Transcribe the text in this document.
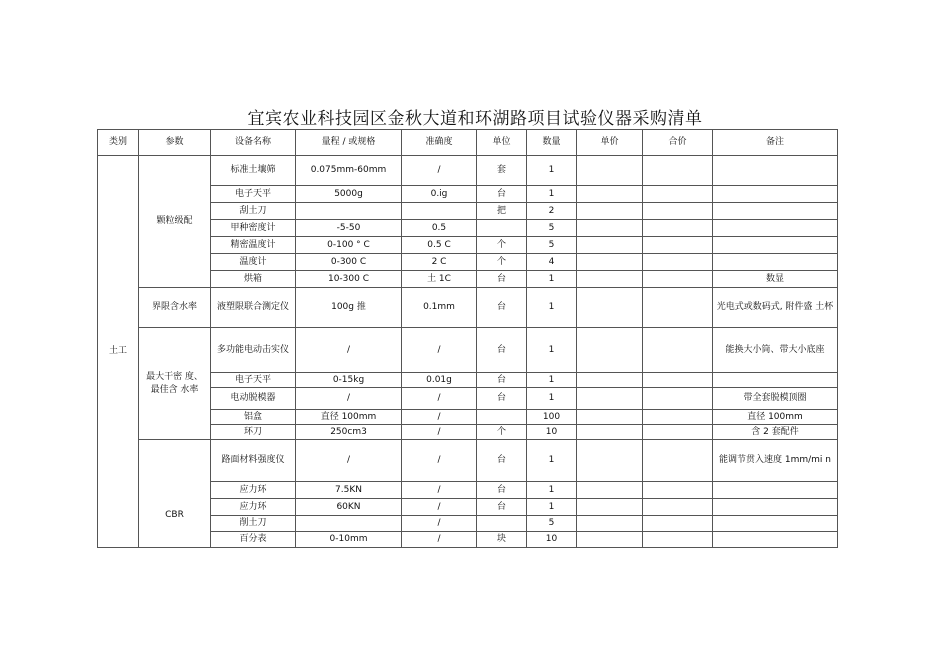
宜宾农业科技园区金秋大道和环湖路项目试验仪器采购清单
类别	参数	设备名称	量程 / 或规格	准确度	单位	数量	单价	合价	备注
土工	颗粒级配	标准土壤筛	0.075mm-60mm	/	套	1			
		电子天平	5000g	0.ig	台	1			
		刮土刀			把	2			
		甲种密度计	-5-50	0.5		5			
		精密温度计	0-100 ° C	0.5 C	个	5			
		温度计	0-300 C	2 C	个	4			
		烘箱	10-300 C	土 1C	台	1			数显
	界限含水率	液塑限联合测定仪	100g 推	0.1mm	台	1			光电式或数码式, 附件盛 土杯
	最大干密 度、最佳含 水率	多功能电动击实仪	/	/	台	1			能换大小筒、带大小底座
		电子天平	0-15kg	0.01g	台	1			
		电动脱模器	/	/	台	1			带全套脱模顶圈
		铝盒	直径 100mm	/		100			直径 100mm
		环刀	250cm3	/	个	10			含 2 套配件
	CBR	路面材料强度仪	/	/	台	1			能调节贯入速度 1mm/mi n
		应力环	7.5KN	/	台	1			
		应力环	60KN	/	台	1			
		削土刀		/		5			
		百分表	0-10mm	/	块	10			
